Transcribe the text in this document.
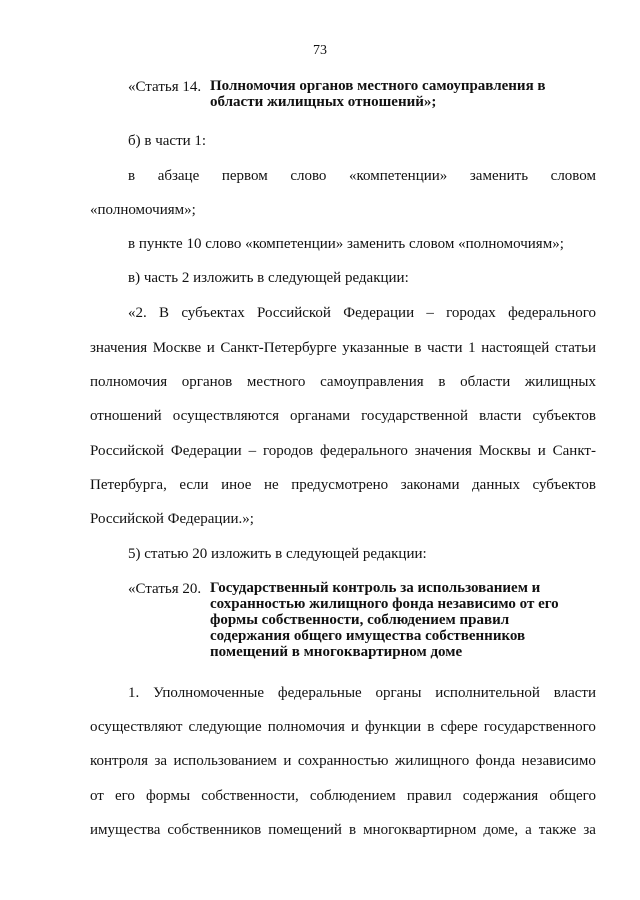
73
«Статья 14. Полномочия органов местного самоуправления в
области жилищных отношений»;
б) в части 1:
в абзаце первом слово «компетенции» заменить словом
«полномочиям»;
в пункте 10 слово «компетенции» заменить словом «полномочиям»;
в) часть 2 изложить в следующей редакции:
«2. В субъектах Российской Федерации – городах федерального
значения Москве и Санкт-Петербурге указанные в части 1 настоящей статьи
полномочия органов местного самоуправления в области жилищных
отношений осуществляются органами государственной власти субъектов
Российской Федерации – городов федерального значения Москвы и Санкт-
Петербурга, если иное не предусмотрено законами данных субъектов
Российской Федерации.»;
5) статью 20 изложить в следующей редакции:
«Статья 20. Государственный контроль за использованием и
сохранностью жилищного фонда независимо от его
формы собственности, соблюдением правил
содержания общего имущества собственников
помещений в многоквартирном доме
1. Уполномоченные федеральные органы исполнительной власти
осуществляют следующие полномочия и функции в сфере государственного
контроля за использованием и сохранностью жилищного фонда независимо
от его формы собственности, соблюдением правил содержания общего
имущества собственников помещений в многоквартирном доме, а также за
